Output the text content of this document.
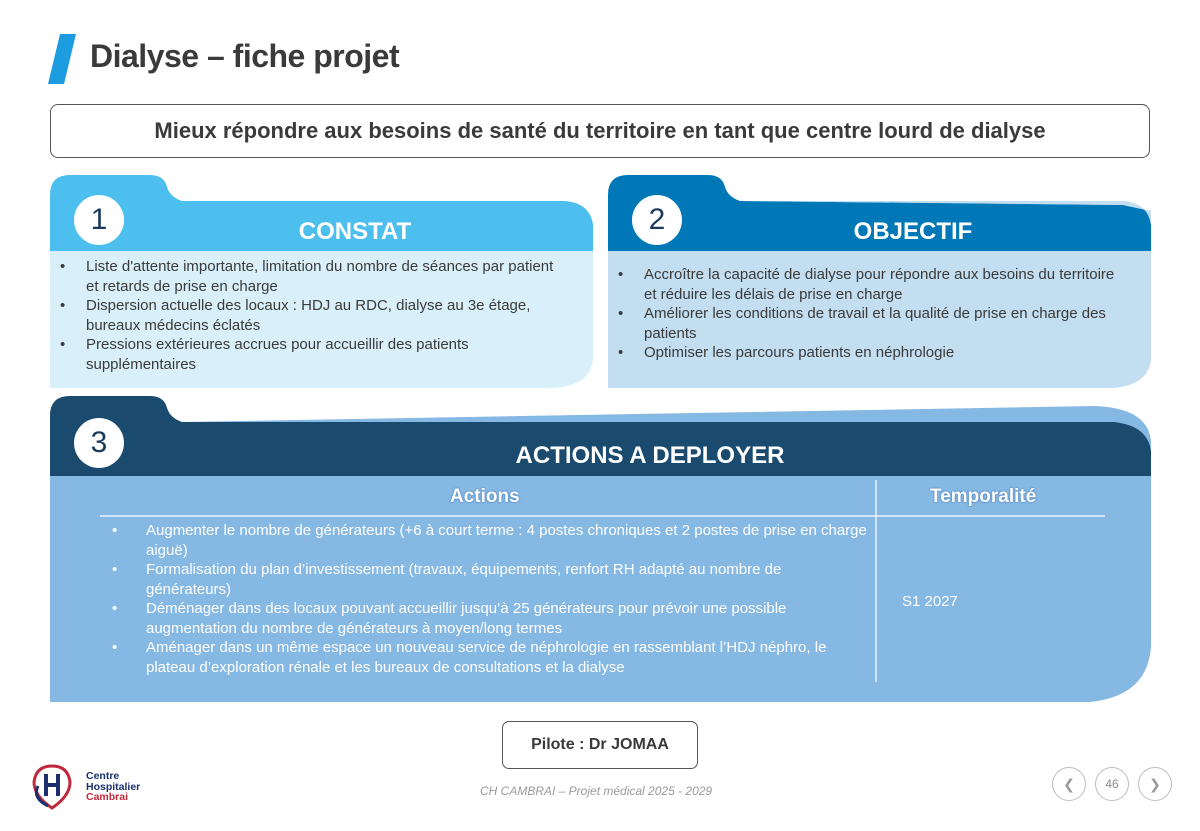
Dialyse – fiche projet
Mieux répondre aux besoins de santé du territoire en tant que centre lourd de dialyse
1	CONSTAT
• Liste d'attente importante, limitation du nombre de séances par patient et retards de prise en charge
• Dispersion actuelle des locaux : HDJ au RDC, dialyse au 3e étage, bureaux médecins éclatés
• Pressions extérieures accrues pour accueillir des patients supplémentaires
2	OBJECTIF
• Accroître la capacité de dialyse pour répondre aux besoins du territoire et réduire les délais de prise en charge
• Améliorer les conditions de travail et la qualité de prise en charge des patients
• Optimiser les parcours patients en néphrologie
3	ACTIONS A DEPLOYER
Actions	Temporalité
• Augmenter le nombre de générateurs (+6 à court terme : 4 postes chroniques et 2 postes de prise en charge aiguë)
• Formalisation du plan d’investissement (travaux, équipements, renfort RH adapté au nombre de générateurs)
• Déménager dans des locaux pouvant accueillir jusqu’à 25 générateurs pour prévoir une possible augmentation du nombre de générateurs à moyen/long termes
• Aménager dans un même espace un nouveau service de néphrologie en rassemblant l’HDJ néphro, le plateau d’exploration rénale et les bureaux de consultations et la dialyse
S1 2027
Pilote : Dr JOMAA
Centre
Hospitalier
Cambrai	CH CAMBRAI – Projet médical 2025 - 2029	❮	46 ❯
